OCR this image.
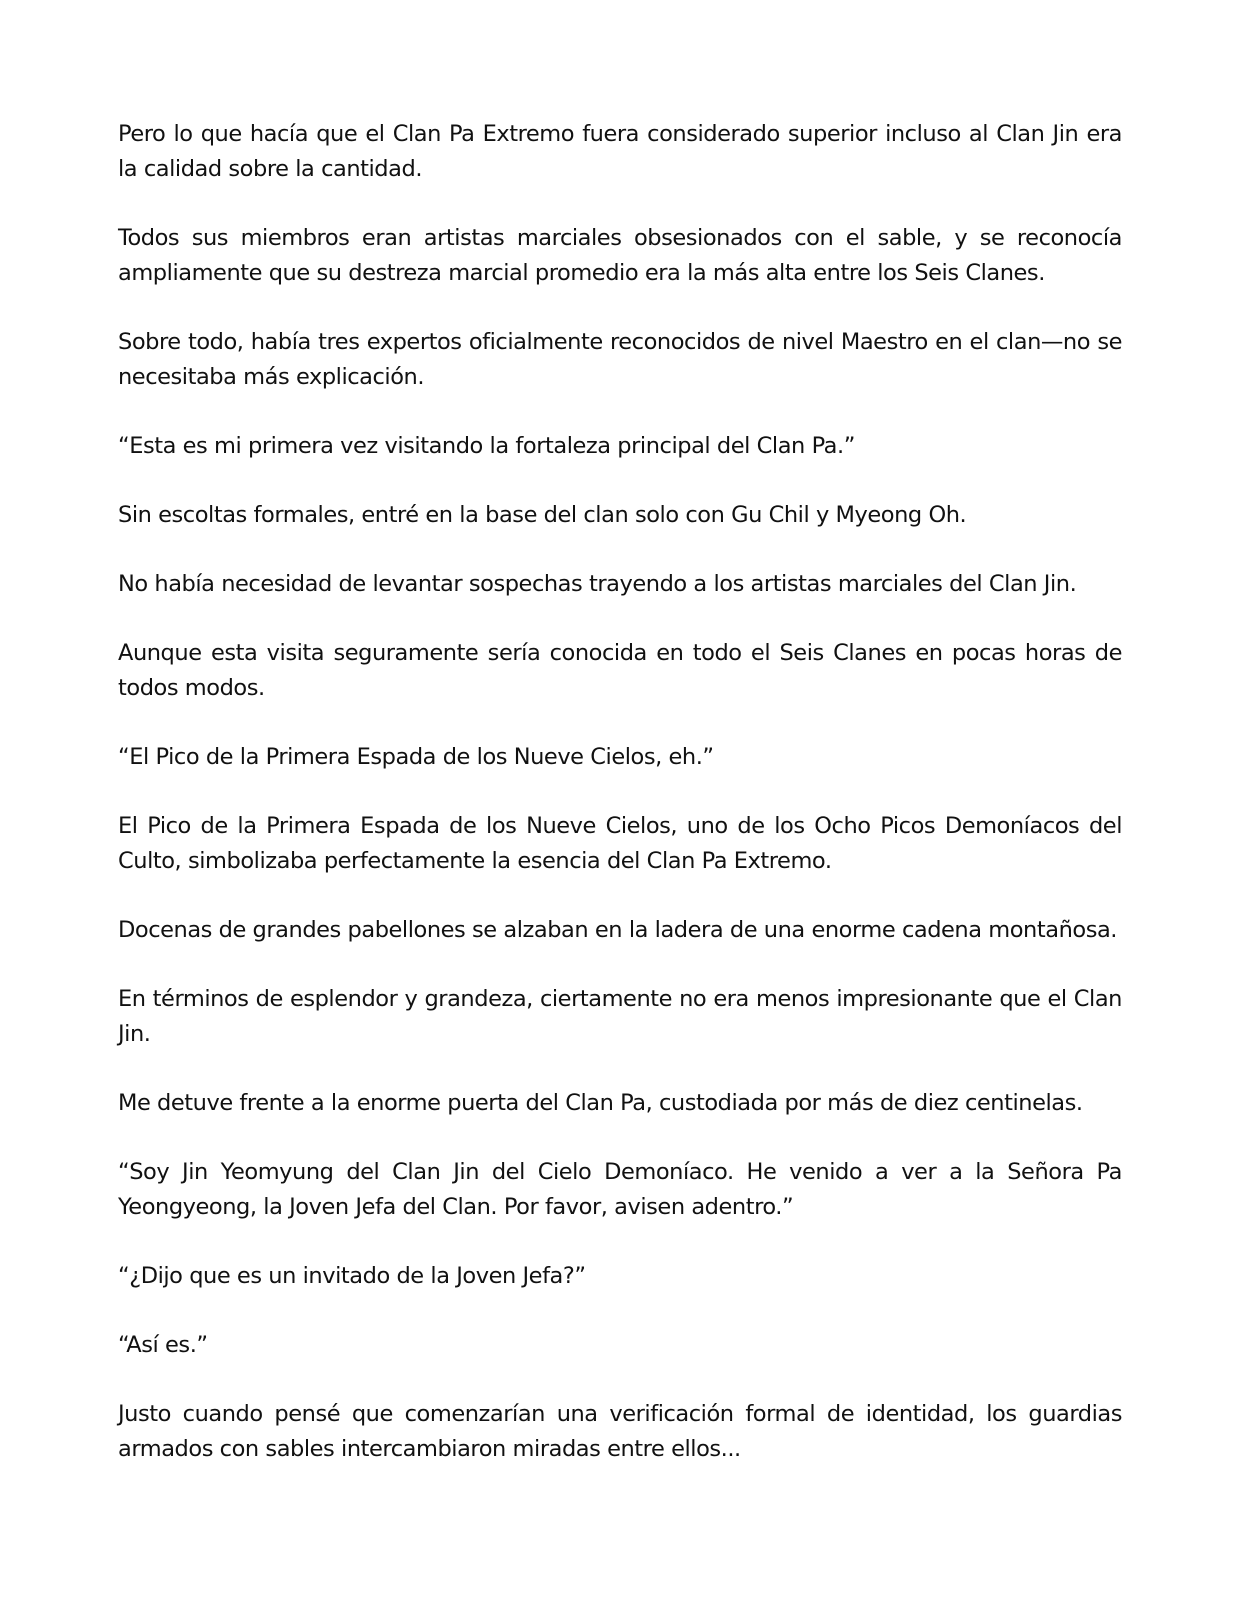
Pero lo que hacía que el Clan Pa Extremo fuera considerado superior incluso al Clan Jin era la calidad sobre la cantidad.

Todos sus miembros eran artistas marciales obsesionados con el sable, y se reconocía ampliamente que su destreza marcial promedio era la más alta entre los Seis Clanes.

Sobre todo, había tres expertos oficialmente reconocidos de nivel Maestro en el clan—no se necesitaba más explicación.

“Esta es mi primera vez visitando la fortaleza principal del Clan Pa.”

Sin escoltas formales, entré en la base del clan solo con Gu Chil y Myeong Oh.

No había necesidad de levantar sospechas trayendo a los artistas marciales del Clan Jin.

Aunque esta visita seguramente sería conocida en todo el Seis Clanes en pocas horas de todos modos.

“El Pico de la Primera Espada de los Nueve Cielos, eh.”

El Pico de la Primera Espada de los Nueve Cielos, uno de los Ocho Picos Demoníacos del Culto, simbolizaba perfectamente la esencia del Clan Pa Extremo.

Docenas de grandes pabellones se alzaban en la ladera de una enorme cadena montañosa.

En términos de esplendor y grandeza, ciertamente no era menos impresionante que el Clan Jin.

Me detuve frente a la enorme puerta del Clan Pa, custodiada por más de diez centinelas.

“Soy Jin Yeomyung del Clan Jin del Cielo Demoníaco. He venido a ver a la Señora Pa Yeongyeong, la Joven Jefa del Clan. Por favor, avisen adentro.”

“¿Dijo que es un invitado de la Joven Jefa?”

“Así es.”

Justo cuando pensé que comenzarían una verificación formal de identidad, los guardias armados con sables intercambiaron miradas entre ellos...
